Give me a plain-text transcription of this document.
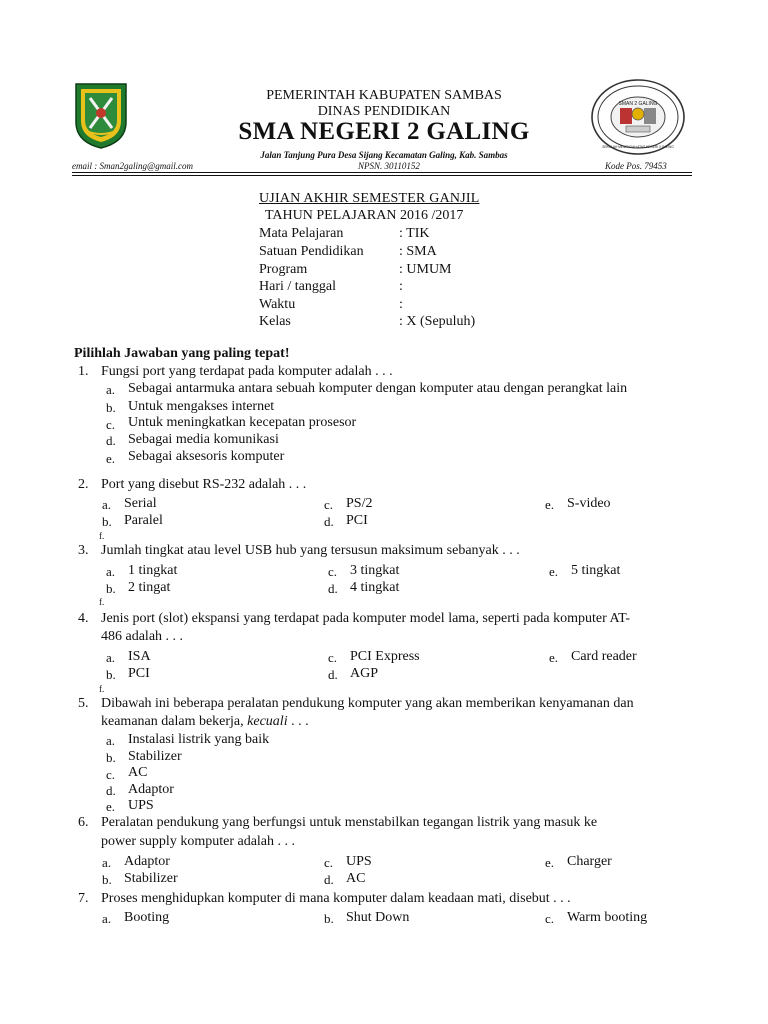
SMAN 2 GALING
SEKOLAH MENENGAH ATAS NEGERI 2 GALING
PEMERINTAH KABUPATEN SAMBAS
DINAS PENDIDIKAN
SMA NEGERI 2 GALING
Jalan Tanjung Pura Desa Sijang Kecamatan Galing, Kab. Sambas
email : Sman2galing@gmail.com	NPSN. 30110152	Kode Pos. 79453
UJIAN AKHIR SEMESTER GANJIL
TAHUN PELAJARAN 2016 /2017
Mata Pelajaran	: TIK
Satuan Pendidikan	: SMA
Program	: UMUM
Hari / tanggal	:
Waktu	:
Kelas	: X (Sepuluh)
Pilihlah Jawaban yang paling tepat!
1. Fungsi port yang terdapat pada komputer adalah . . .
a. Sebagai antarmuka antara sebuah komputer dengan komputer atau dengan perangkat lain
b. Untuk mengakses internet
c. Untuk meningkatkan kecepatan prosesor
d. Sebagai media komunikasi
e. Sebagai aksesoris komputer
2. Port yang disebut RS-232 adalah . . .
a. Serial	c. PS/2	e. S-video
b. Paralel	d. PCI
f.
3. Jumlah tingkat atau level USB hub yang tersusun maksimum sebanyak . . .
a. 1 tingkat	c. 3 tingkat	e. 5 tingkat
b. 2 tingat	d. 4 tingkat
f.
4. Jenis port (slot) ekspansi yang terdapat pada komputer model lama, seperti pada komputer AT-
486 adalah . . .
a. ISA	c. PCI Express	e. Card reader
b. PCI	d. AGP
f.
5. Dibawah ini beberapa peralatan pendukung komputer yang akan memberikan kenyamanan dan
keamanan dalam bekerja, kecuali . . .
a. Instalasi listrik yang baik
b. Stabilizer
c. AC
d. Adaptor
e. UPS
6. Peralatan pendukung yang berfungsi untuk menstabilkan tegangan listrik yang masuk ke
power supply komputer adalah . . .
a. Adaptor	c. UPS	e. Charger
b. Stabilizer	d. AC
7. Proses menghidupkan komputer di mana komputer dalam keadaan mati, disebut . . .
a. Booting	b. Shut Down	c. Warm booting
